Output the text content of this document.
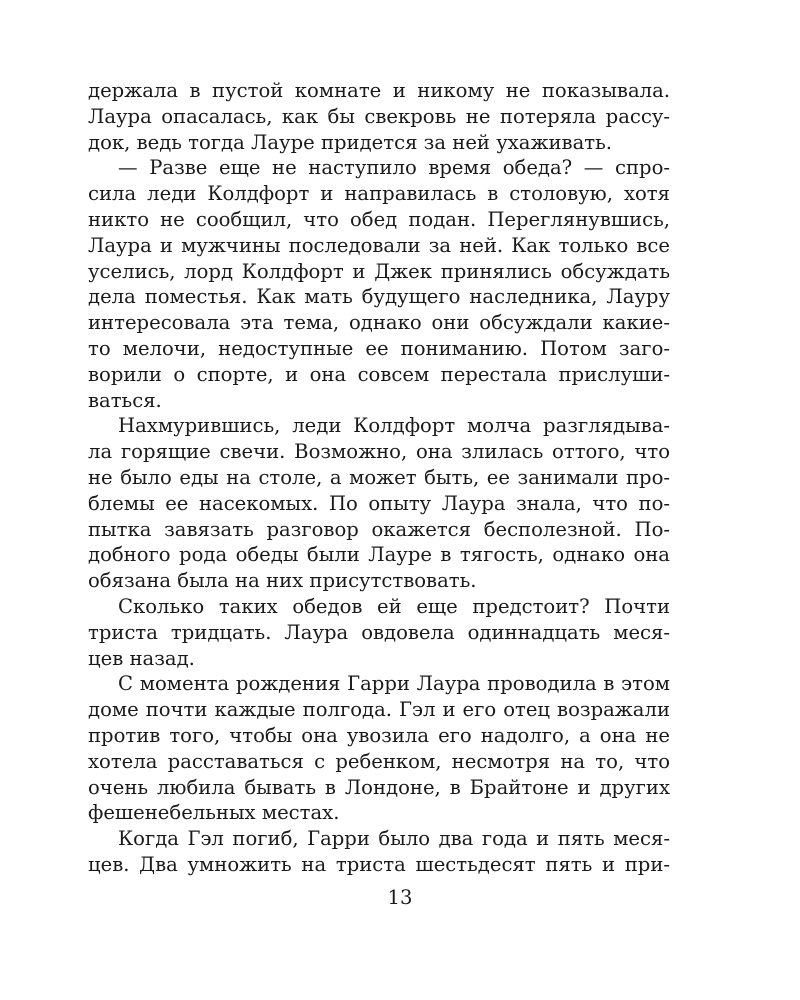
держала в пустой комнате и никому не показывала.
Лаура опасалась, как бы свекровь не потеряла рассу-
док, ведь тогда Лауре придется за ней ухаживать.
— Разве еще не наступило время обеда? — спро-
сила леди Колдфорт и направилась в столовую, хотя
никто не сообщил, что обед подан. Переглянувшись,
Лаура и мужчины последовали за ней. Как только все
уселись, лорд Колдфорт и Джек принялись обсуждать
дела поместья. Как мать будущего наследника, Лауру
интересовала эта тема, однако они обсуждали какие-
то мелочи, недоступные ее пониманию. Потом заго-
ворили о спорте, и она совсем перестала прислуши-
ваться.
Нахмурившись, леди Колдфорт молча разглядыва-
ла горящие свечи. Возможно, она злилась оттого, что
не было еды на столе, а может быть, ее занимали про-
блемы ее насекомых. По опыту Лаура знала, что по-
пытка завязать разговор окажется бесполезной. По-
добного рода обеды были Лауре в тягость, однако она
обязана была на них присутствовать.
Сколько таких обедов ей еще предстоит? Почти
триста тридцать. Лаура овдовела одиннадцать меся-
цев назад.
С момента рождения Гарри Лаура проводила в этом
доме почти каждые полгода. Гэл и его отец возражали
против того, чтобы она увозила его надолго, а она не
хотела расставаться с ребенком, несмотря на то, что
очень любила бывать в Лондоне, в Брайтоне и других
фешенебельных местах.
Когда Гэл погиб, Гарри было два года и пять меся-
цев. Два умножить на триста шестьдесят пять и при-
13
